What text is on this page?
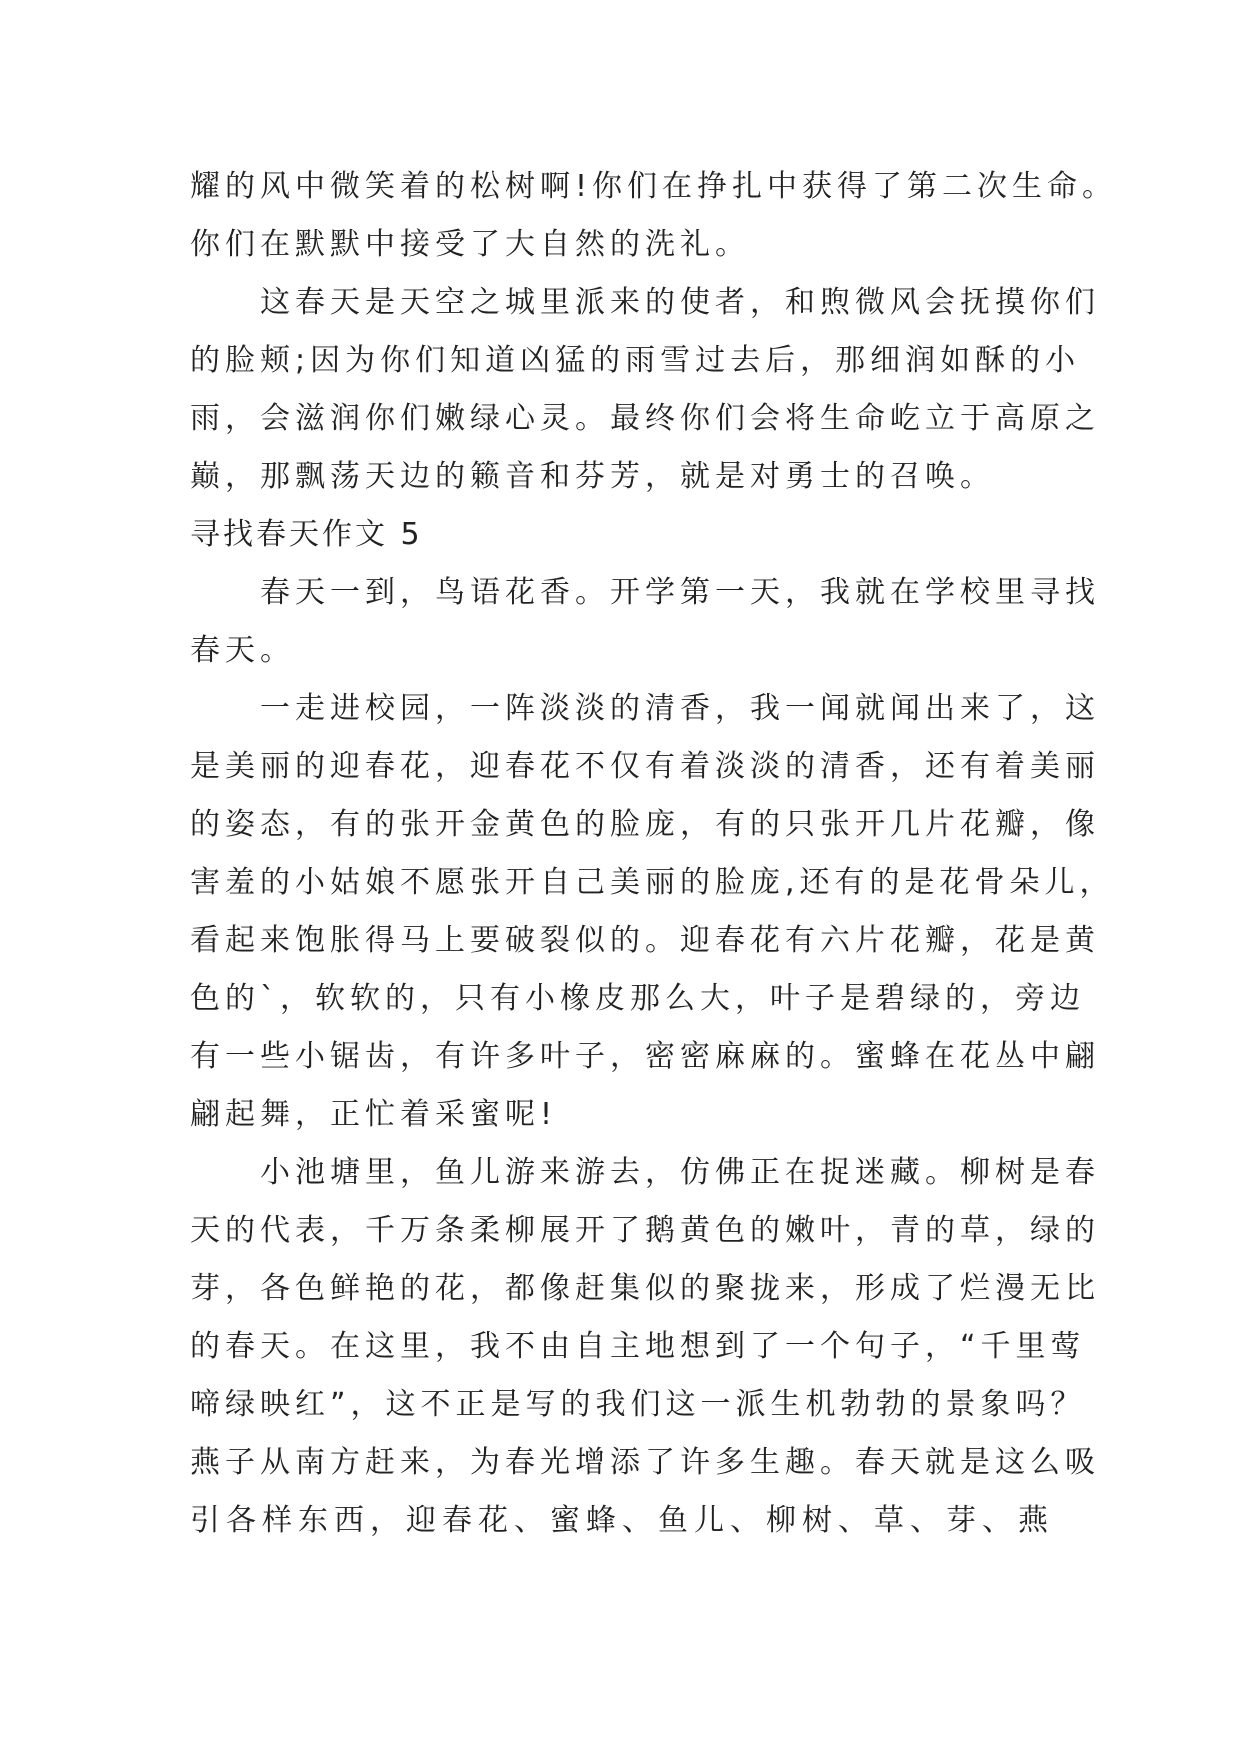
耀的风中微笑着的松树啊!你们在挣扎中获得了第二次生命。
你们在默默中接受了大自然的洗礼。
这春天是天空之城里派来的使者，和煦微风会抚摸你们
的脸颊;因为你们知道凶猛的雨雪过去后，那细润如酥的小
雨，会滋润你们嫩绿心灵。最终你们会将生命屹立于高原之
巅，那飘荡天边的籁音和芬芳，就是对勇士的召唤。
寻找春天作文 5
春天一到，鸟语花香。开学第一天，我就在学校里寻找
春天。
一走进校园，一阵淡淡的清香，我一闻就闻出来了，这
是美丽的迎春花，迎春花不仅有着淡淡的清香，还有着美丽
的姿态，有的张开金黄色的脸庞，有的只张开几片花瓣，像
害羞的小姑娘不愿张开自己美丽的脸庞,还有的是花骨朵儿，
看起来饱胀得马上要破裂似的。迎春花有六片花瓣，花是黄
色的`，软软的，只有小橡皮那么大，叶子是碧绿的，旁边
有一些小锯齿，有许多叶子，密密麻麻的。蜜蜂在花丛中翩
翩起舞，正忙着采蜜呢!
小池塘里，鱼儿游来游去，仿佛正在捉迷藏。柳树是春
天的代表，千万条柔柳展开了鹅黄色的嫩叶，青的草，绿的
芽，各色鲜艳的花，都像赶集似的聚拢来，形成了烂漫无比
的春天。在这里，我不由自主地想到了一个句子，“千里莺
啼绿映红”，这不正是写的我们这一派生机勃勃的景象吗？
燕子从南方赶来，为春光增添了许多生趣。春天就是这么吸
引各样东西，迎春花、蜜蜂、鱼儿、柳树、草、芽、燕
